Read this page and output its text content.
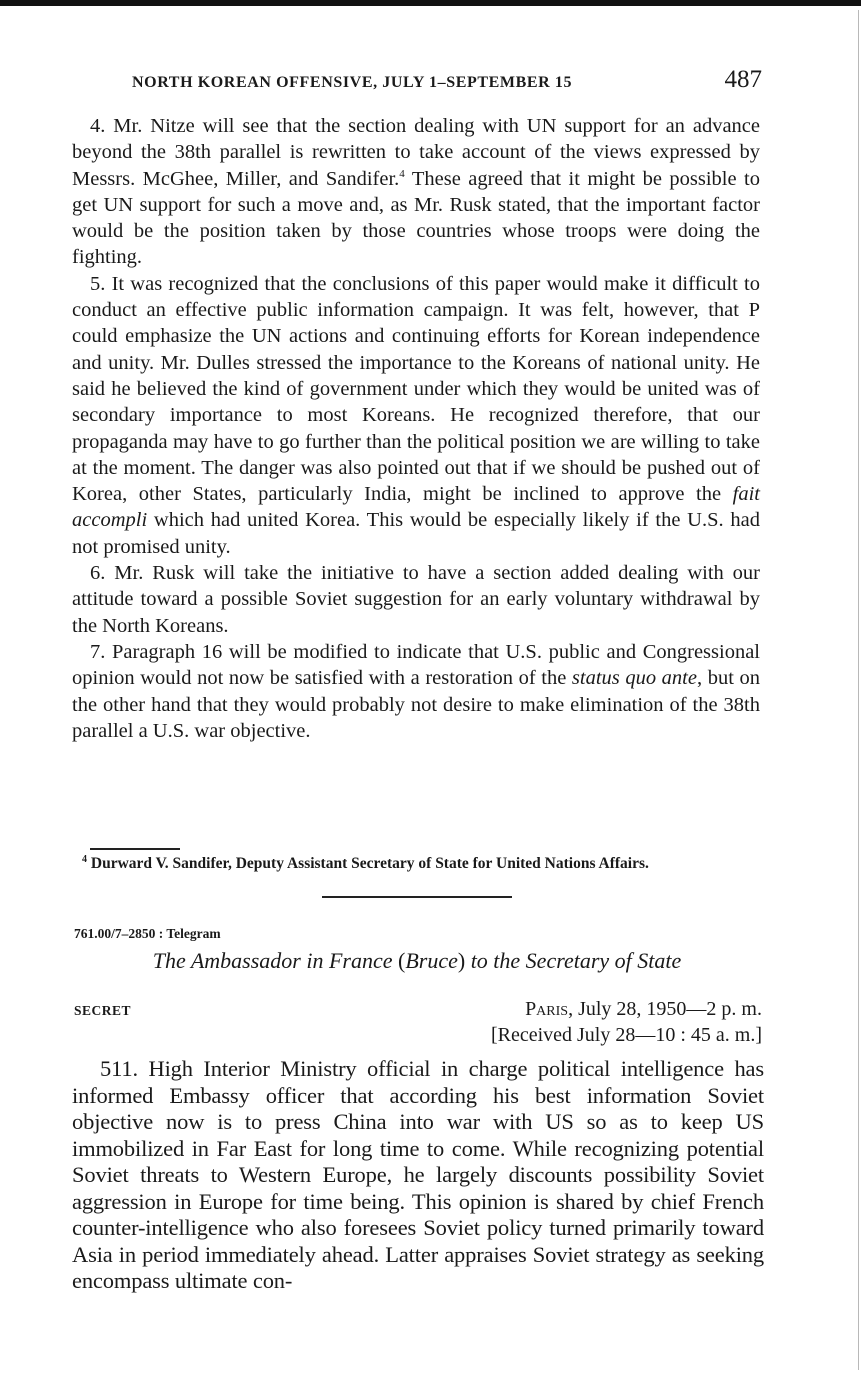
NORTH KOREAN OFFENSIVE, JULY 1–SEPTEMBER 15	487

4. Mr. Nitze will see that the section dealing with UN support for an advance beyond the 38th parallel is rewritten to take account of the views expressed by Messrs. McGhee, Miller, and Sandifer.$^4$ These agreed that it might be possible to get UN support for such a move and, as Mr. Rusk stated, that the important factor would be the position taken by those countries whose troops were doing the fighting.

5. It was recognized that the conclusions of this paper would make it difficult to conduct an effective public information campaign. It was felt, however, that P could emphasize the UN actions and continuing efforts for Korean independence and unity. Mr. Dulles stressed the importance to the Koreans of national unity. He said he believed the kind of government under which they would be united was of secondary importance to most Koreans. He recognized therefore, that our propaganda may have to go further than the political position we are willing to take at the moment. The danger was also pointed out that if we should be pushed out of Korea, other States, particularly India, might be inclined to approve the fait accompli which had united Korea. This would be especially likely if the U.S. had not promised unity.

6. Mr. Rusk will take the initiative to have a section added dealing with our attitude toward a possible Soviet suggestion for an early voluntary withdrawal by the North Koreans.

7. Paragraph 16 will be modified to indicate that U.S. public and Congressional opinion would not now be satisfied with a restoration of the status quo ante, but on the other hand that they would probably not desire to make elimination of the 38th parallel a U.S. war objective.

$^4$ Durward V. Sandifer, Deputy Assistant Secretary of State for United Nations Affairs.

761.00/7–2850 : Telegram
The Ambassador in France (Bruce) to the Secretary of State
SECRET	Paris, July 28, 1950—2 p. m.
[Received July 28—10 : 45 a. m.]

511. High Interior Ministry official in charge political intelligence has informed Embassy officer that according his best information Soviet objective now is to press China into war with US so as to keep US immobilized in Far East for long time to come. While recognizing potential Soviet threats to Western Europe, he largely discounts possibility Soviet aggression in Europe for time being. This opinion is shared by chief French counter-intelligence who also foresees Soviet policy turned primarily toward Asia in period immediately ahead. Latter appraises Soviet strategy as seeking encompass ultimate con-
